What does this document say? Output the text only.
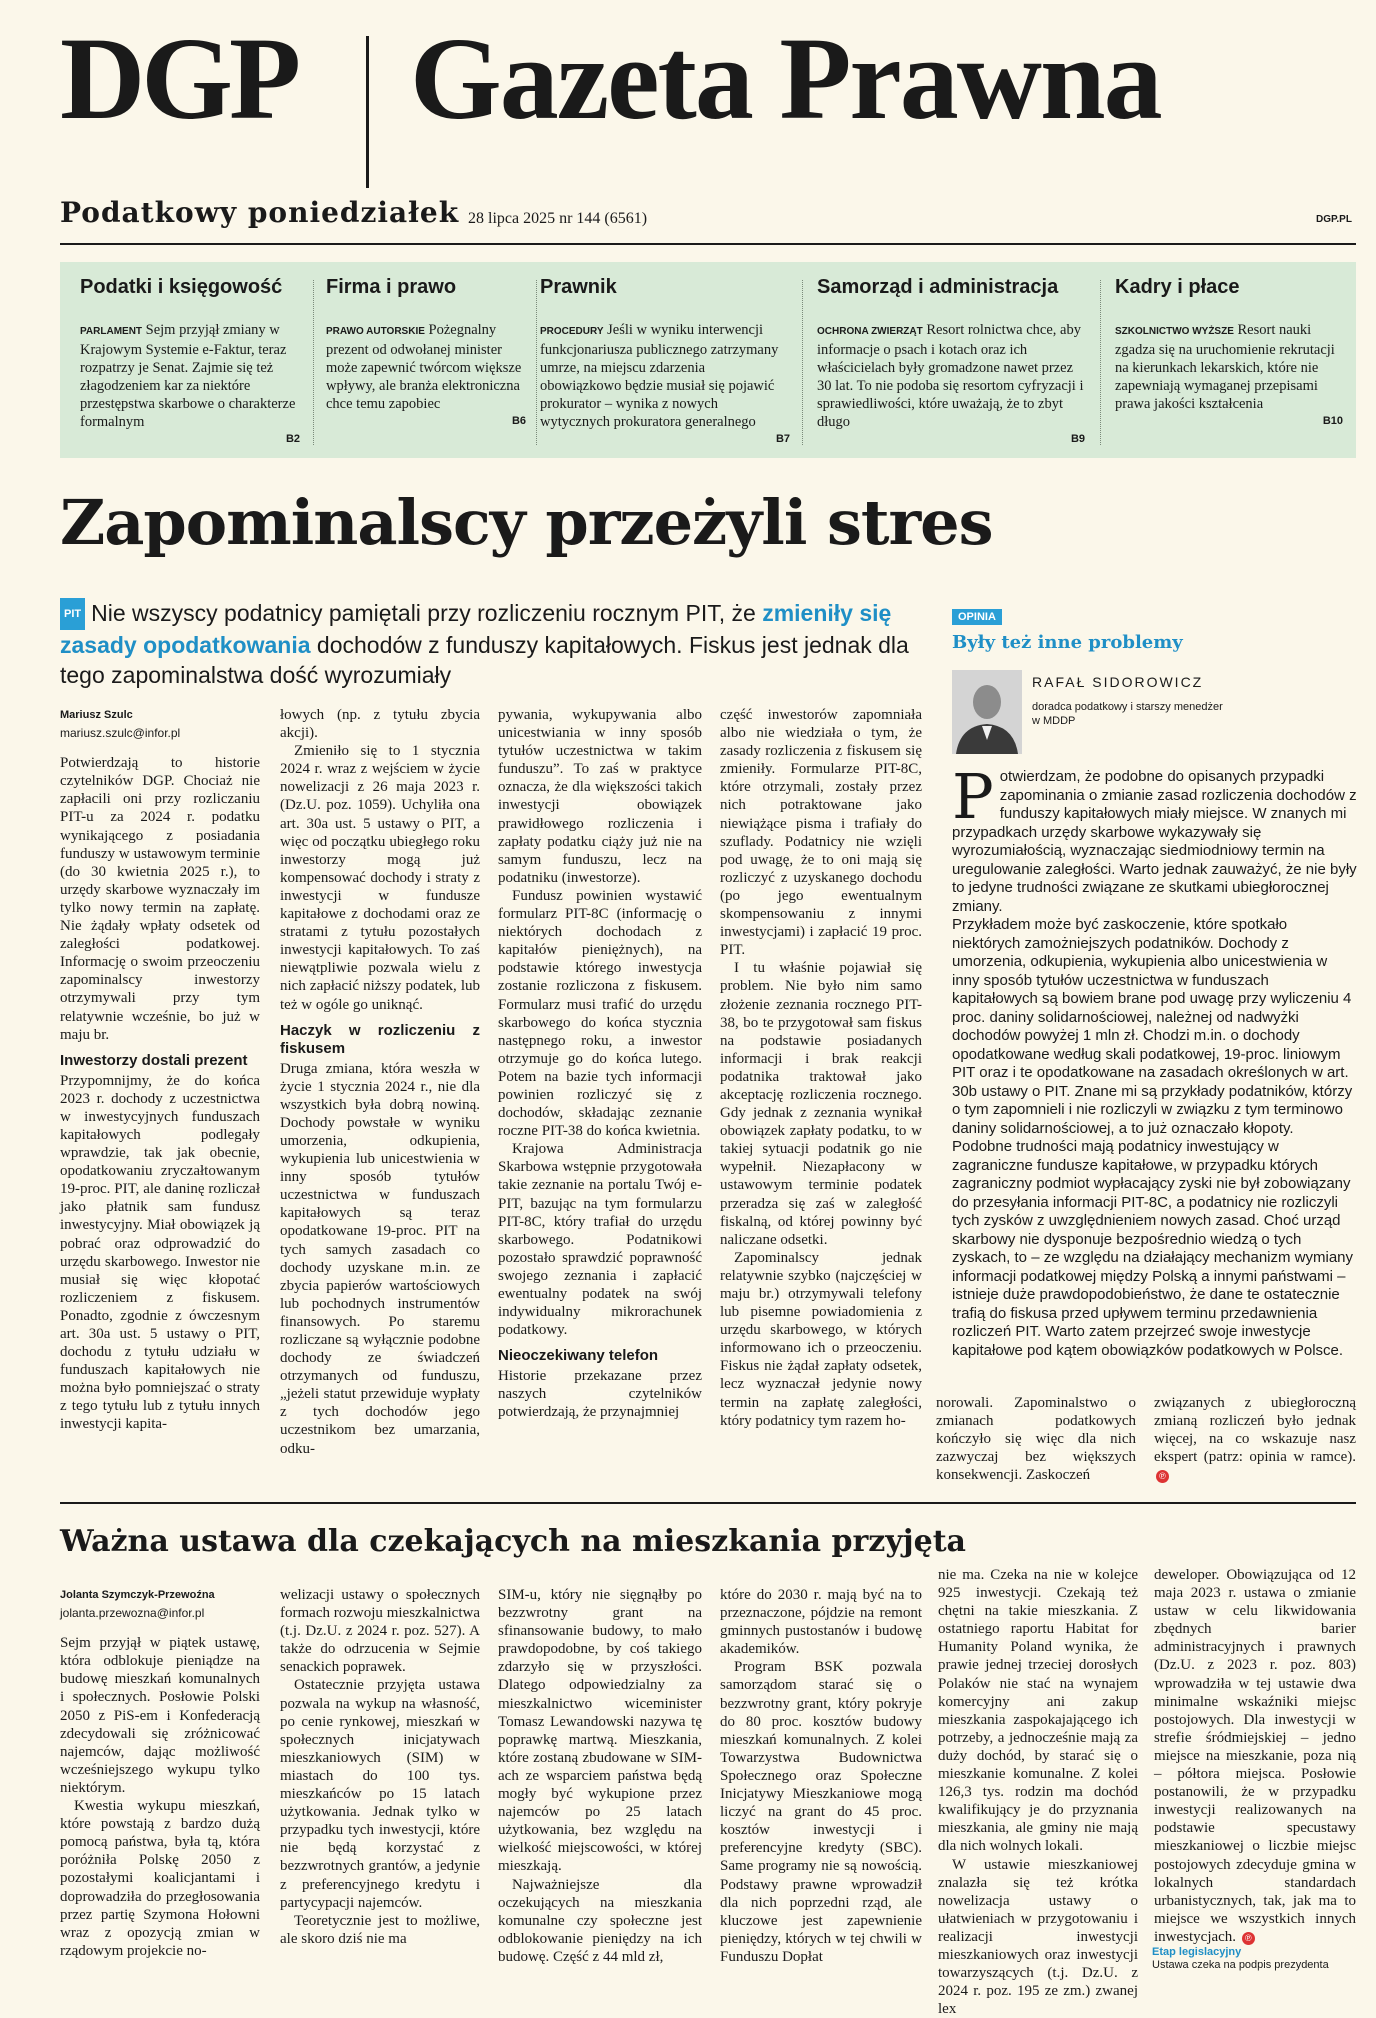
DGP Gazeta Prawna
Podatkowy poniedziałek 28 lipca 2025 nr 144 (6561)	DGP.PL
Podatki i księgowość
PARLAMENT Sejm przyjął zmiany w Krajowym Systemie e-Faktur, teraz rozpatrzy je Senat. Zajmie się też złagodzeniem kar za niektóre przestępstwa skarbowe o charakterze formalnym
B2
Firma i prawo
PRAWO AUTORSKIE Pożegnalny prezent od odwołanej minister może zapewnić twórcom większe wpływy, ale branża elektroniczna chce temu zapobiec
B6
Prawnik
PROCEDURY Jeśli w wyniku interwencji funkcjonariusza publicznego zatrzymany umrze, na miejscu zdarzenia obowiązkowo będzie musiał się pojawić prokurator – wynika z nowych wytycznych prokuratora generalnego
B7
Samorząd i administracja
OCHRONA ZWIERZĄT Resort rolnictwa chce, aby informacje o psach i kotach oraz ich właścicielach były gromadzone nawet przez 30 lat. To nie podoba się resortom cyfryzacji i sprawiedliwości, które uważają, że to zbyt długo
B9
Kadry i płace
SZKOLNICTWO WYŻSZE Resort nauki zgadza się na uruchomienie rekrutacji na kierunkach lekarskich, które nie zapewniają wymaganej przepisami prawa jakości kształcenia
B10
Zapominalscy przeżyli stres
PIT Nie wszyscy podatnicy pamiętali przy rozliczeniu rocznym PIT, że zmieniły się zasady opodatkowania dochodów z funduszy kapitałowych. Fiskus jest jednak dla tego zapominalstwa dość wyrozumiały
Mariusz Szulc
mariusz.szulc@infor.pl

Potwierdzają to historie czytelników DGP. Chociaż nie zapłacili oni przy rozliczaniu PIT-u za 2024 r. podatku wynikającego z posiadania funduszy w ustawowym terminie (do 30 kwietnia 2025 r.), to urzędy skarbowe wyznaczały im tylko nowy termin na zapłatę. Nie żądały wpłaty odsetek od zaległości podatkowej. Informację o swoim przeoczeniu zapominalscy inwestorzy otrzymywali przy tym relatywnie wcześnie, bo już w maju br.

Inwestorzy dostali prezent

Przypomnijmy, że do końca 2023 r. dochody z uczestnictwa w inwestycyjnych funduszach kapitałowych podlegały wprawdzie, tak jak obecnie, opodatkowaniu zryczałtowanym 19-proc. PIT, ale daninę rozliczał jako płatnik sam fundusz inwestycyjny. Miał obowiązek ją pobrać oraz odprowadzić do urzędu skarbowego. Inwestor nie musiał się więc kłopotać rozliczeniem z fiskusem. Ponadto, zgodnie z ówczesnym art. 30a ust. 5 ustawy o PIT, dochodu z tytułu udziału w funduszach kapitałowych nie można było pomniejszać o straty z tego tytułu lub z tytułu innych inwestycji kapita-

łowych (np. z tytułu zbycia akcji).

Zmieniło się to 1 stycznia 2024 r. wraz z wejściem w życie nowelizacji z 26 maja 2023 r. (Dz.U. poz. 1059). Uchyliła ona art. 30a ust. 5 ustawy o PIT, a więc od początku ubiegłego roku inwestorzy mogą już kompensować dochody i straty z inwestycji w fundusze kapitałowe z dochodami oraz ze stratami z tytułu pozostałych inwestycji kapitałowych. To zaś niewątpliwie pozwala wielu z nich zapłacić niższy podatek, lub też w ogóle go uniknąć.

Haczyk w rozliczeniu z fiskusem

Druga zmiana, która weszła w życie 1 stycznia 2024 r., nie dla wszystkich była dobrą nowiną. Dochody powstałe w wyniku umorzenia, odkupienia, wykupienia lub unicestwienia w inny sposób tytułów uczestnictwa w funduszach kapitałowych są teraz opodatkowane 19-proc. PIT na tych samych zasadach co dochody uzyskane m.in. ze zbycia papierów wartościowych lub pochodnych instrumentów finansowych. Po staremu rozliczane są wyłącznie podobne dochody ze świadczeń otrzymanych od funduszu, „jeżeli statut przewiduje wypłaty z tych dochodów jego uczestnikom bez umarzania, odku-

pywania, wykupywania albo unicestwiania w inny sposób tytułów uczestnictwa w takim funduszu”. To zaś w praktyce oznacza, że dla większości takich inwestycji obowiązek prawidłowego rozliczenia i zapłaty podatku ciąży już nie na samym funduszu, lecz na podatniku (inwestorze).

Fundusz powinien wystawić formularz PIT-8C (informację o niektórych dochodach z kapitałów pieniężnych), na podstawie którego inwestycja zostanie rozliczona z fiskusem. Formularz musi trafić do urzędu skarbowego do końca stycznia następnego roku, a inwestor otrzymuje go do końca lutego. Potem na bazie tych informacji powinien rozliczyć się z dochodów, składając zeznanie roczne PIT-38 do końca kwietnia.

Krajowa Administracja Skarbowa wstępnie przygotowała takie zeznanie na portalu Twój e-PIT, bazując na tym formularzu PIT-8C, który trafiał do urzędu skarbowego. Podatnikowi pozostało sprawdzić poprawność swojego zeznania i zapłacić ewentualny podatek na swój indywidualny mikrorachunek podatkowy.

Nieoczekiwany telefon

Historie przekazane przez naszych czytelników potwierdzają, że przynajmniej

część inwestorów zapomniała albo nie wiedziała o tym, że zasady rozliczenia z fiskusem się zmieniły. Formularze PIT-8C, które otrzymali, zostały przez nich potraktowane jako niewiążące pisma i trafiały do szuflady. Podatnicy nie wzięli pod uwagę, że to oni mają się rozliczyć z uzyskanego dochodu (po jego ewentualnym skompensowaniu z innymi inwestycjami) i zapłacić 19 proc. PIT.

I tu właśnie pojawiał się problem. Nie było nim samo złożenie zeznania rocznego PIT-38, bo te przygotował sam fiskus na podstawie posiadanych informacji i brak reakcji podatnika traktował jako akceptację rozliczenia rocznego. Gdy jednak z zeznania wynikał obowiązek zapłaty podatku, to w takiej sytuacji podatnik go nie wypełnił. Niezapłacony w ustawowym terminie podatek przeradza się zaś w zaległość fiskalną, od której powinny być naliczane odsetki.

Zapominalscy jednak relatywnie szybko (najczęściej w maju br.) otrzymywali telefony lub pisemne powiadomienia z urzędu skarbowego, w których informowano ich o przeoczeniu. Fiskus nie żądał zapłaty odsetek, lecz wyznaczał jedynie nowy termin na zapłatę zaległości, który podatnicy tym razem ho-

OPINIA
Były też inne problemy
RAFAŁ SIDOROWICZ
doradca podatkowy i starszy menedżer w MDDP
P otwierdzam, że podobne do opisanych przypadki zapominania o zmianie zasad rozliczenia dochodów z funduszy kapitałowych miały miejsce. W znanych mi przypadkach urzędy skarbowe wykazywały się wyrozumiałością, wyznaczając siedmiodniowy termin na uregulowanie zaległości. Warto jednak zauważyć, że nie były to jedyne trudności związane ze skutkami ubiegłorocznej zmiany.

Przykładem może być zaskoczenie, które spotkało niektórych zamożniejszych podatników. Dochody z umorzenia, odkupienia, wykupienia albo unicestwienia w inny sposób tytułów uczestnictwa w funduszach kapitałowych są bowiem brane pod uwagę przy wyliczeniu 4 proc. daniny solidarnościowej, należnej od nadwyżki dochodów powyżej 1 mln zł. Chodzi m.in. o dochody opodatkowane według skali podatkowej, 19-proc. liniowym PIT oraz i te opodatkowane na zasadach określonych w art. 30b ustawy o PIT. Znane mi są przykłady podatników, którzy o tym zapomnieli i nie rozliczyli w związku z tym terminowo daniny solidarnościowej, a to już oznaczało kłopoty.

Podobne trudności mają podatnicy inwestujący w zagraniczne fundusze kapitałowe, w przypadku których zagraniczny podmiot wypłacający zyski nie był zobowiązany do przesyłania informacji PIT-8C, a podatnicy nie rozliczyli tych zysków z uwzględnieniem nowych zasad. Choć urząd skarbowy nie dysponuje bezpośrednio wiedzą o tych zyskach, to – ze względu na działający mechanizm wymiany informacji podatkowej między Polską a innymi państwami – istnieje duże prawdopodobieństwo, że dane te ostatecznie trafią do fiskusa przed upływem terminu przedawnienia rozliczeń PIT. Warto zatem przejrzeć swoje inwestycje kapitałowe pod kątem obowiązków podatkowych w Polsce.

norowali. Zapominalstwo o zmianach podatkowych kończyło się więc dla nich zazwyczaj bez większych konsekwencji. Zaskoczeń

związanych z ubiegłoroczną zmianą rozliczeń było jednak więcej, na co wskazuje nasz ekspert (patrz: opinia w ramce). ℗

Ważna ustawa dla czekających na mieszkania przyjęta
Jolanta Szymczyk-Przewoźna
jolanta.przewozna@infor.pl

Sejm przyjął w piątek ustawę, która odblokuje pieniądze na budowę mieszkań komunalnych i społecznych. Posłowie Polski 2050 z PiS-em i Konfederacją zdecydowali się zróżnicować najemców, dając możliwość wcześniejszego wykupu tylko niektórym.

Kwestia wykupu mieszkań, które powstają z bardzo dużą pomocą państwa, była tą, która poróżniła Polskę 2050 z pozostałymi koalicjantami i doprowadziła do przegłosowania przez partię Szymona Hołowni wraz z opozycją zmian w rządowym projekcie no-

welizacji ustawy o społecznych formach rozwoju mieszkalnictwa (t.j. Dz.U. z 2024 r. poz. 527). A także do odrzucenia w Sejmie senackich poprawek.

Ostatecznie przyjęta ustawa pozwala na wykup na własność, po cenie rynkowej, mieszkań w społecznych inicjatywach mieszkaniowych (SIM) w miastach do 100 tys. mieszkańców po 15 latach użytkowania. Jednak tylko w przypadku tych inwestycji, które nie będą korzystać z bezzwrotnych grantów, a jedynie z preferencyjnego kredytu i partycypacji najemców.

Teoretycznie jest to możliwe, ale skoro dziś nie ma

SIM-u, który nie sięgnąłby po bezzwrotny grant na sfinansowanie budowy, to mało prawdopodobne, by coś takiego zdarzyło się w przyszłości. Dlatego odpowiedzialny za mieszkalnictwo wiceminister Tomasz Lewandowski nazywa tę poprawkę martwą. Mieszkania, które zostaną zbudowane w SIM-ach ze wsparciem państwa będą mogły być wykupione przez najemców po 25 latach użytkowania, bez względu na wielkość miejscowości, w której mieszkają.

Najważniejsze dla oczekujących na mieszkania komunalne czy społeczne jest odblokowanie pieniędzy na ich budowę. Część z 44 mld zł,

które do 2030 r. mają być na to przeznaczone, pójdzie na remont gminnych pustostanów i budowę akademików.

Program BSK pozwala samorządom starać się o bezzwrotny grant, który pokryje do 80 proc. kosztów budowy mieszkań komunalnych. Z kolei Towarzystwa Budownictwa Społecznego oraz Społeczne Inicjatywy Mieszkaniowe mogą liczyć na grant do 45 proc. kosztów inwestycji i preferencyjne kredyty (SBC). Same programy nie są nowością. Podstawy prawne wprowadził dla nich poprzedni rząd, ale kluczowe jest zapewnienie pieniędzy, których w tej chwili w Funduszu Dopłat

nie ma. Czeka na nie w kolejce 925 inwestycji. Czekają też chętni na takie mieszkania. Z ostatniego raportu Habitat for Humanity Poland wynika, że prawie jednej trzeciej dorosłych Polaków nie stać na wynajem komercyjny ani zakup mieszkania zaspokajającego ich potrzeby, a jednocześnie mają za duży dochód, by starać się o mieszkanie komunalne. Z kolei 126,3 tys. rodzin ma dochód kwalifikujący je do przyznania mieszkania, ale gminy nie mają dla nich wolnych lokali.

W ustawie mieszkaniowej znalazła się też krótka nowelizacja ustawy o ułatwieniach w przygotowaniu i realizacji inwestycji mieszkaniowych oraz inwestycji towarzyszących (t.j. Dz.U. z 2024 r. poz. 195 ze zm.) zwanej lex

deweloper. Obowiązująca od 12 maja 2023 r. ustawa o zmianie ustaw w celu likwidowania zbędnych barier administracyjnych i prawnych (Dz.U. z 2023 r. poz. 803) wprowadziła w tej ustawie dwa minimalne wskaźniki miejsc postojowych. Dla inwestycji w strefie śródmiejskiej – jedno miejsce na mieszkanie, poza nią – półtora miejsca. Posłowie postanowili, że w przypadku inwestycji realizowanych na podstawie specustawy mieszkaniowej o liczbie miejsc postojowych zdecyduje gmina w lokalnych standardach urbanistycznych, tak, jak ma to miejsce we wszystkich innych inwestycjach. ℗

Etap legislacyjny
Ustawa czeka na podpis prezydenta
